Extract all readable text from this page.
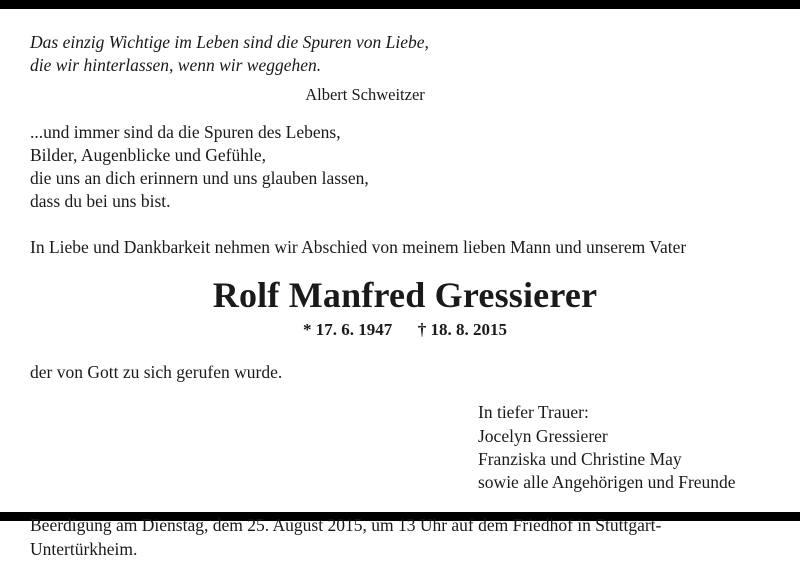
Das einzig Wichtige im Leben sind die Spuren von Liebe,
die wir hinterlassen, wenn wir weggehen.
Albert Schweitzer
...und immer sind da die Spuren des Lebens,
Bilder, Augenblicke und Gefühle,
die uns an dich erinnern und uns glauben lassen,
dass du bei uns bist.
In Liebe und Dankbarkeit nehmen wir Abschied von meinem lieben Mann und unserem Vater
Rolf Manfred Gressierer
* 17. 6. 1947      † 18. 8. 2015
der von Gott zu sich gerufen wurde.
In tiefer Trauer:
Jocelyn Gressierer
Franziska und Christine May
sowie alle Angehörigen und Freunde
Beerdigung am Dienstag, dem 25. August 2015, um 13 Uhr auf dem Friedhof in Stuttgart-
Untertürkheim.
